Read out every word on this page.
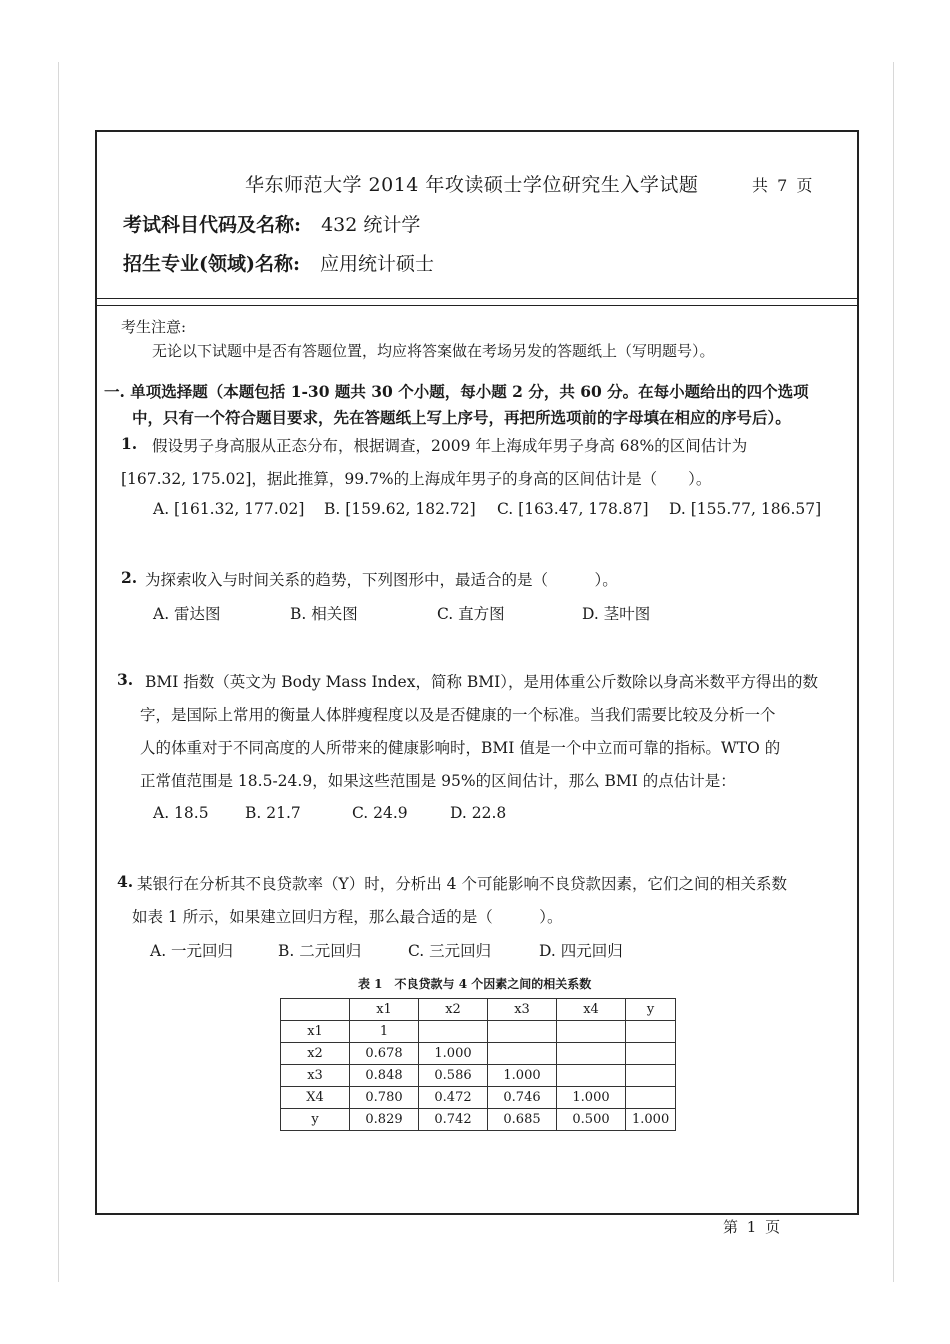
华东师范大学 2014 年攻读硕士学位研究生入学试题	共 7 页
考试科目代码及名称: 432 统计学
招生专业(领域)名称: 应用统计硕士
考生注意:
无论以下试题中是否有答题位置，均应将答案做在考场另发的答题纸上（写明题号）。
一. 单项选择题（本题包括 1-30 题共 30 个小题，每小题 2 分，共 60 分。在每小题给出的四个选项
中，只有一个符合题目要求，先在答题纸上写上序号，再把所选项前的字母填在相应的序号后）。
1. 假设男子身高服从正态分布，根据调查，2009 年上海成年男子身高 68%的区间估计为
[167.32, 175.02]，据此推算，99.7%的上海成年男子的身高的区间估计是（　　）。
A. [161.32, 177.02] B. [159.62, 182.72] C. [163.47, 178.87] D. [155.77, 186.57]
2. 为探索收入与时间关系的趋势，下列图形中，最适合的是（　　　）。
A. 雷达图	B. 相关图	C. 直方图	D. 茎叶图
3. BMI 指数（英文为 Body Mass Index，简称 BMI），是用体重公斤数除以身高米数平方得出的数
字，是国际上常用的衡量人体胖瘦程度以及是否健康的一个标准。当我们需要比较及分析一个
人的体重对于不同高度的人所带来的健康影响时，BMI 值是一个中立而可靠的指标。WTO 的
正常值范围是 18.5-24.9，如果这些范围是 95%的区间估计，那么 BMI 的点估计是：
A. 18.5 B. 21.7	C. 24.9	D. 22.8
4. 某银行在分析其不良贷款率（Y）时，分析出 4 个可能影响不良贷款因素，它们之间的相关系数
如表 1 所示，如果建立回归方程，那么最合适的是（　　　）。
A. 一元回归	B. 二元回归	C. 三元回归	D. 四元回归
表 1　不良贷款与 4 个因素之间的相关系数
	x1	x2	x3	x4	y
x1	1				
x2	0.678	1.000			
x3	0.848	0.586	1.000		
X4	0.780	0.472	0.746	1.000	
y	0.829	0.742	0.685	0.500	1.000
第 1 页
